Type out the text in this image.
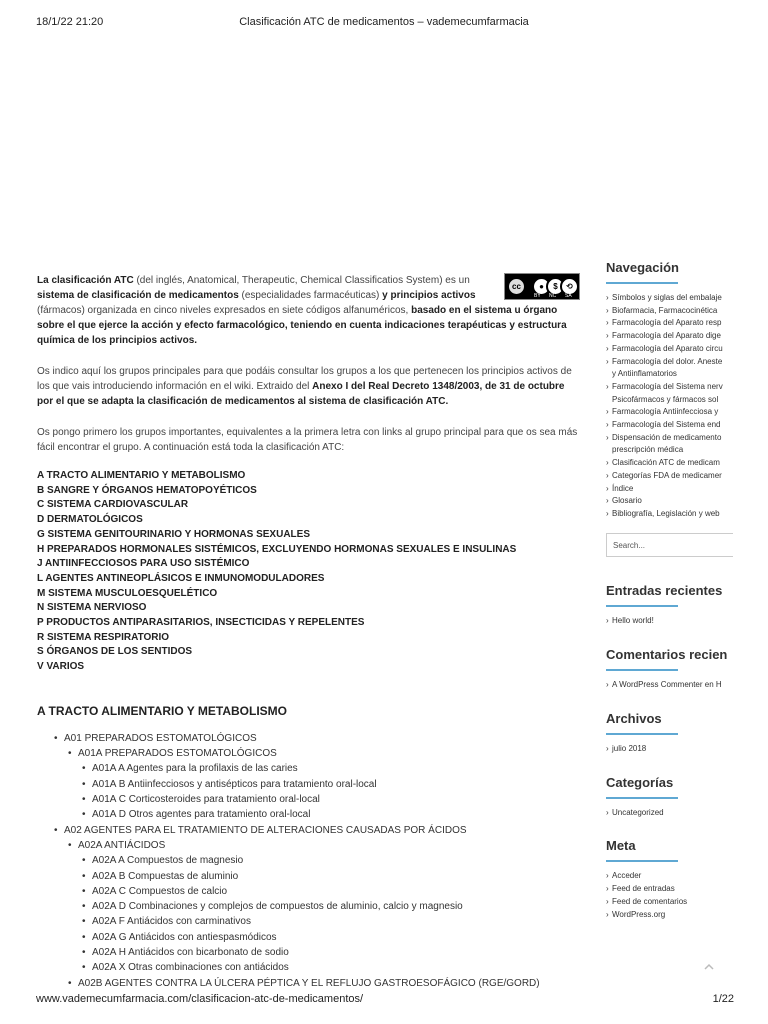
18/1/22 21:20	Clasificación ATC de medicamentos – vademecumfarmacia
cc	●	$	⟲
BY NC SA

La clasificación ATC (del inglés, Anatomical, Therapeutic, Chemical Classificatios System) es un
sistema de clasificación de medicamentos (especialidades farmacéuticas) y principios activos
(fármacos) organizada en cinco niveles expresados en siete códigos alfanuméricos, basado en el sistema u órgano sobre el que ejerce la acción y efecto farmacológico, teniendo en cuenta indicaciones terapéuticas y estructura química de los principios activos.

Os indico aquí los grupos principales para que podáis consultar los grupos a los que pertenecen los principios activos de los que vais introduciendo información en el wiki. Extraido del Anexo I del Real Decreto 1348/2003, de 31 de octubre por el que se adapta la clasificación de medicamentos al sistema de clasificación ATC.

Os pongo primero los grupos importantes, equivalentes a la primera letra con links al grupo principal para que os sea más fácil encontrar el grupo. A continuación está toda la clasificación ATC:

A TRACTO ALIMENTARIO Y METABOLISMO
B SANGRE Y ÓRGANOS HEMATOPOYÉTICOS
C SISTEMA CARDIOVASCULAR
D DERMATOLÓGICOS
G SISTEMA GENITOURINARIO Y HORMONAS SEXUALES
H PREPARADOS HORMONALES SISTÉMICOS, EXCLUYENDO HORMONAS SEXUALES E INSULINAS
J ANTIINFECCIOSOS PARA USO SISTÉMICO
L AGENTES ANTINEOPLÁSICOS E INMUNOMODULADORES
M SISTEMA MUSCULOESQUELÉTICO
N SISTEMA NERVIOSO
P PRODUCTOS ANTIPARASITARIOS, INSECTICIDAS Y REPELENTES
R SISTEMA RESPIRATORIO
S ÓRGANOS DE LOS SENTIDOS
V VARIOS
A TRACTO ALIMENTARIO Y METABOLISMO
• A01 PREPARADOS ESTOMATOLÓGICOS
• A01A PREPARADOS ESTOMATOLÓGICOS
• A01A A Agentes para la profilaxis de las caries
• A01A B Antiinfecciosos y antisépticos para tratamiento oral-local
• A01A C Corticosteroides para tratamiento oral-local
• A01A D Otros agentes para tratamiento oral-local
• A02 AGENTES PARA EL TRATAMIENTO DE ALTERACIONES CAUSADAS POR ÁCIDOS
• A02A ANTIÁCIDOS
• A02A A Compuestos de magnesio
• A02A B Compuestas de aluminio
• A02A C Compuestos de calcio
• A02A D Combinaciones y complejos de compuestos de aluminio, calcio y magnesio
• A02A F Antiácidos con carminativos
• A02A G Antiácidos con antiespasmódicos
• A02A H Antiácidos con bicarbonato de sodio
• A02A X Otras combinaciones con antiácidos
• A02B AGENTES CONTRA LA ÚLCERA PÉPTICA Y EL REFLUJO GASTROESOFÁGICO (RGE/GORD)
Navegación
› Símbolos y siglas del embalaje
› Biofarmacia, Farmacocinética
› Farmacología del Aparato resp
› Farmacología del Aparato dige
› Farmacología del Aparato circu
› Farmacología del dolor. Aneste
y Antiinflamatorios
› Farmacología del Sistema nerv
Psicofármacos y fármacos sol
› Farmacología Antiinfecciosa y
› Farmacología del Sistema end
› Dispensación de medicamento
prescripción médica
› Clasificación ATC de medicam
› Categorías FDA de medicamer
› Índice
› Glosario
› Bibliografía, Legislación y web
Search...
Entradas recientes
› Hello world!
Comentarios recien
› A WordPress Commenter en H
Archivos
› julio 2018
Categorías
› Uncategorized
Meta
› Acceder
› Feed de entradas
› Feed de comentarios
› WordPress.org
www.vademecumfarmacia.com/clasificacion-atc-de-medicamentos/	1/22
